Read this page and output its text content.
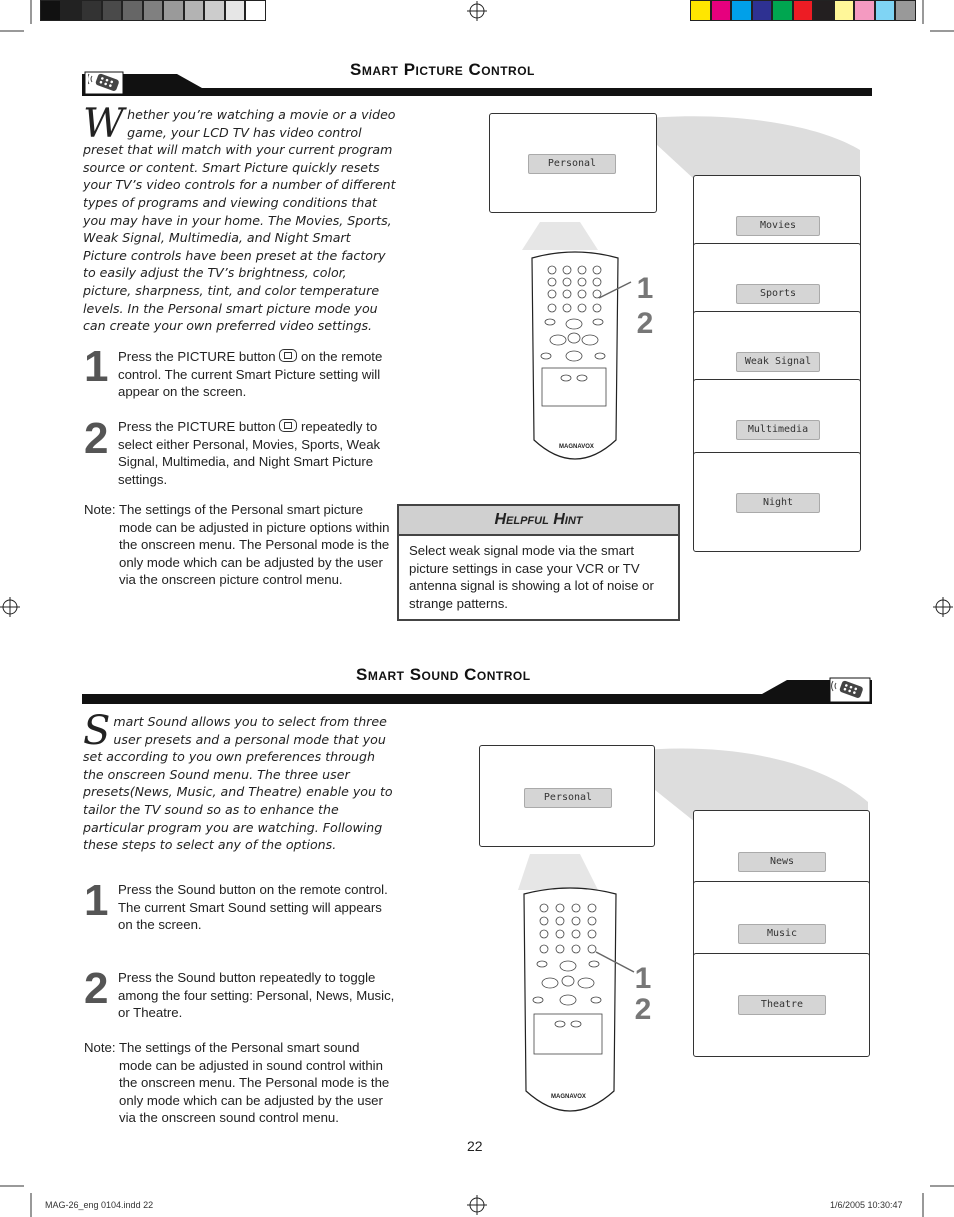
Smart Picture Control
Whether you’re watching a movie or a video game, your LCD TV has video control preset that will match with your current program source or content. Smart Picture quickly resets your TV’s video controls for a number of different types of programs and viewing conditions that you may have in your home. The Movies, Sports, Weak Signal, Multimedia, and Night Smart Picture controls have been preset at the factory to easily adjust the TV’s brightness, color, picture, sharpness, tint, and color temperature levels. In the Personal smart picture mode you can create your own preferred video settings.
1 Press the PICTURE button on the remote control. The current Smart Picture setting will appear on the screen.
2 Press the PICTURE button repeatedly to select either Personal, Movies, Sports, Weak Signal, Multimedia, and Night Smart Picture settings.
Note: The settings of the Personal smart picture mode can be adjusted in picture options within the onscreen menu. The Personal mode is the only mode which can be adjusted by the user via the onscreen picture control menu.
Personal
Movies
Sports
Weak Signal
Multimedia
Night
MAGNAVOX
1
2
Helpful Hint
Select weak signal mode via the smart picture settings in case your VCR or TV antenna signal is showing a lot of noise or strange patterns.
Smart Sound Control
Smart Sound allows you to select from three user presets and a personal mode that you set according to you own preferences through the onscreen Sound menu. The three user presets(News, Music, and Theatre) enable you to tailor the TV sound so as to enhance the particular program you are watching. Following these steps to select any of the options.
1 Press the Sound button on the remote control. The current Smart Sound setting will appears on the screen.
2 Press the Sound button repeatedly to toggle among the four setting: Personal, News, Music, or Theatre.
Note: The settings of the Personal smart sound mode can be adjusted in sound control within the onscreen menu. The Personal mode is the only mode which can be adjusted by the user via the onscreen sound control menu.
Personal
News
Music
Theatre
MAGNAVOX
1
2
22
MAG-26_eng 0104.indd 22	1/6/2005 10:30:47
